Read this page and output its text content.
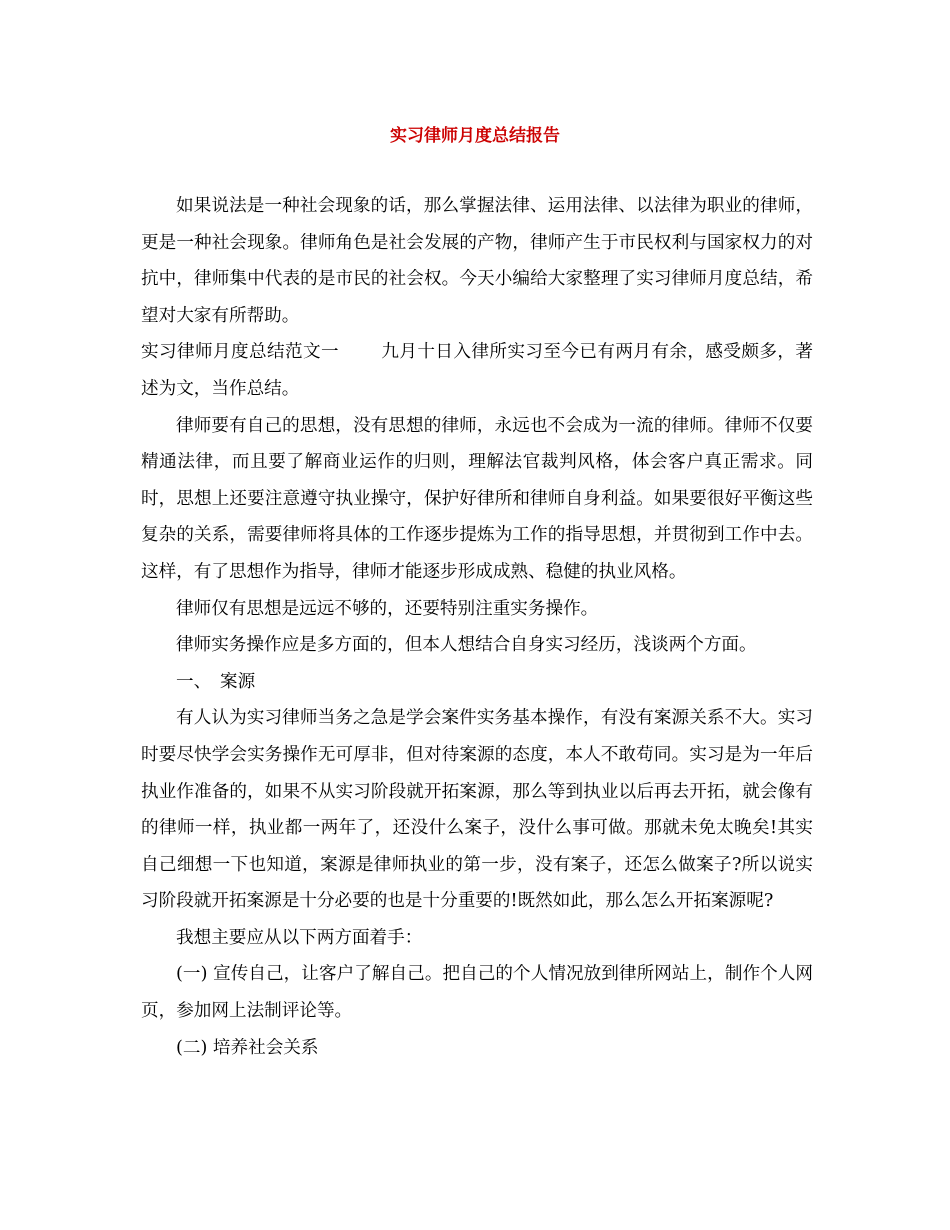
实习律师月度总结报告

如果说法是一种社会现象的话，那么掌握法律、运用法律、以法律为职业的律师，更是一种社会现象。律师角色是社会发展的产物，律师产生于市民权利与国家权力的对抗中，律师集中代表的是市民的社会权。今天小编给大家整理了实习律师月度总结，希望对大家有所帮助。

实习律师月度总结范文一 九月十日入律所实习至今已有两月有余，感受颇多，著述为文，当作总结。

律师要有自己的思想，没有思想的律师，永远也不会成为一流的律师。律师不仅要精通法律，而且要了解商业运作的归则，理解法官裁判风格，体会客户真正需求。同时，思想上还要注意遵守执业操守，保护好律所和律师自身利益。如果要很好平衡这些复杂的关系，需要律师将具体的工作逐步提炼为工作的指导思想，并贯彻到工作中去。这样，有了思想作为指导，律师才能逐步形成成熟、稳健的执业风格。

律师仅有思想是远远不够的，还要特别注重实务操作。

律师实务操作应是多方面的，但本人想结合自身实习经历，浅谈两个方面。

一、　案源

有人认为实习律师当务之急是学会案件实务基本操作，有没有案源关系不大。实习时要尽快学会实务操作无可厚非，但对待案源的态度，本人不敢苟同。实习是为一年后执业作准备的，如果不从实习阶段就开拓案源，那么等到执业以后再去开拓，就会像有的律师一样，执业都一两年了，还没什么案子，没什么事可做。那就未免太晚矣!其实自己细想一下也知道，案源是律师执业的第一步，没有案子，还怎么做案子?所以说实习阶段就开拓案源是十分必要的也是十分重要的!既然如此，那么怎么开拓案源呢?

我想主要应从以下两方面着手：

(一) 宣传自己，让客户了解自己。把自己的个人情况放到律所网站上，制作个人网页，参加网上法制评论等。

(二) 培养社会关系
